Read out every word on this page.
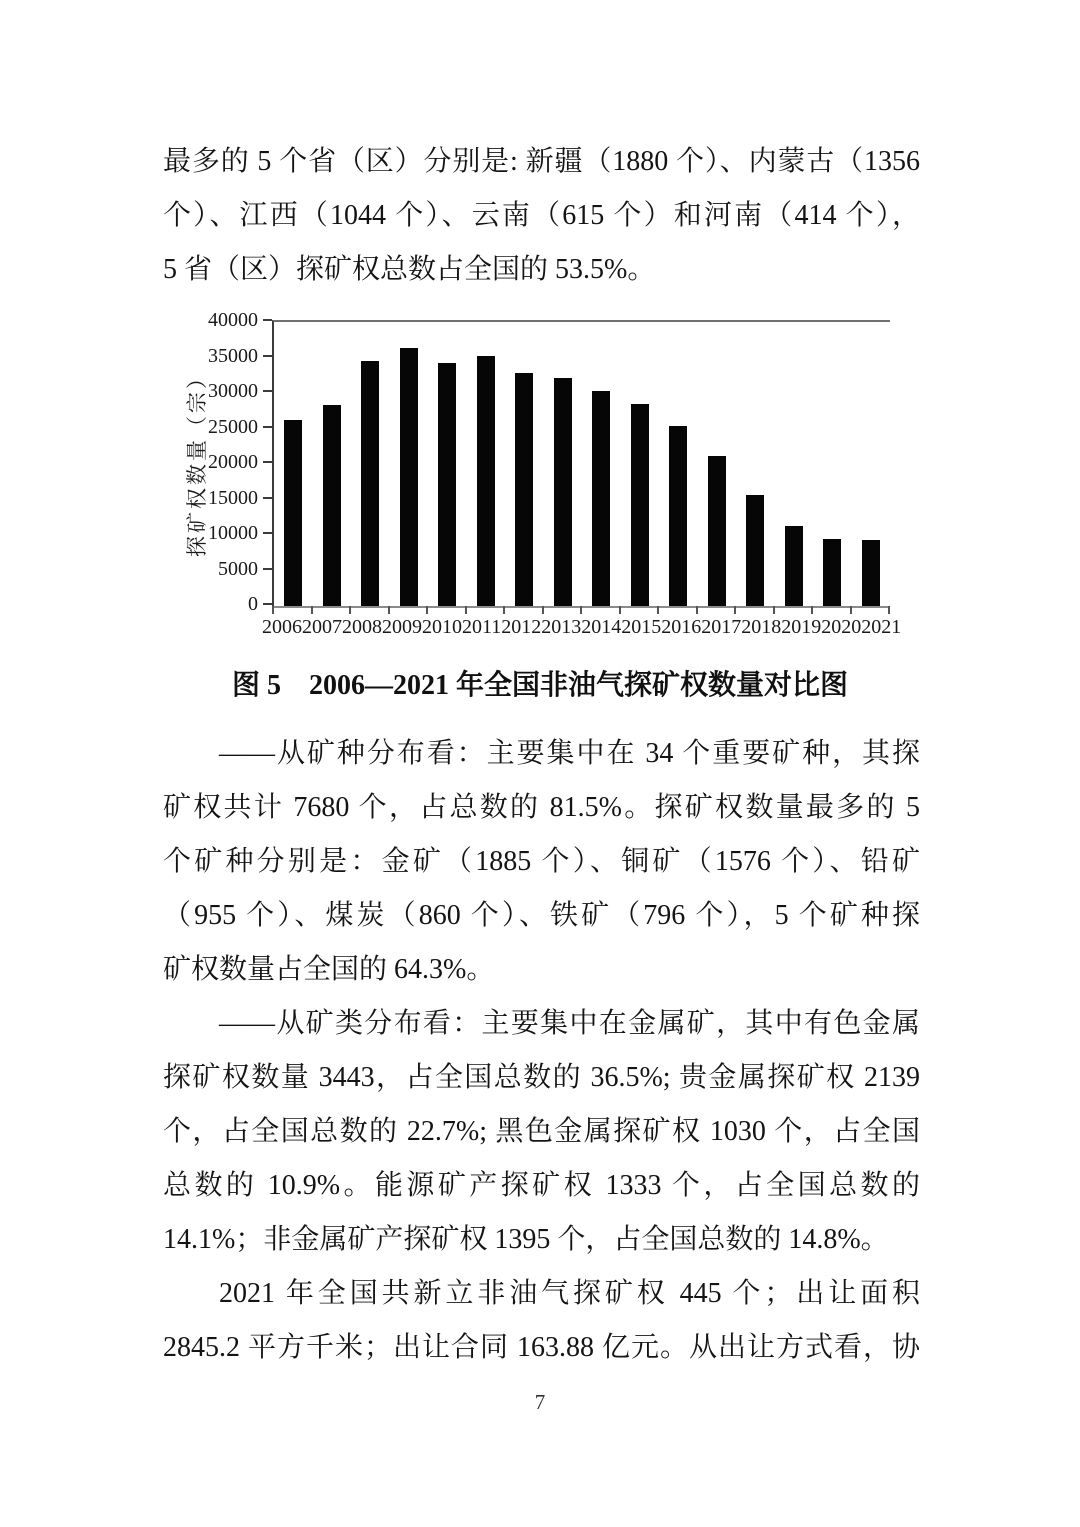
最多的 5 个省（区）分别是: 新疆（1880 个）、内蒙古（1356
个）、江西（1044 个）、云南（615 个）和河南（414 个），
5 省（区）探矿权总数占全国的 53.5%。
探矿权数量（宗）
0
5000
10000
15000
20000
25000
30000
35000
40000
2006 2007 2008 2009 2010 2011 2012 2013 2014 2015 2016 2017 2018 2019 2020 2021
图 5　2006—2021 年全国非油气探矿权数量对比图
——从矿种分布看：主要集中在 34 个重要矿种，其探
矿权共计 7680 个，占总数的 81.5%。探矿权数量最多的 5
个矿种分别是：金矿（1885 个）、铜矿（1576 个）、铅矿
（955 个）、煤炭（860 个）、铁矿（796 个），5 个矿种探
矿权数量占全国的 64.3%。
——从矿类分布看：主要集中在金属矿，其中有色金属
探矿权数量 3443，占全国总数的 36.5%; 贵金属探矿权 2139
个，占全国总数的 22.7%; 黑色金属探矿权 1030 个，占全国
总数的 10.9%。能源矿产探矿权 1333 个，占全国总数的
14.1%；非金属矿产探矿权 1395 个，占全国总数的 14.8%。
2021 年全国共新立非油气探矿权 445 个；出让面积
2845.2 平方千米；出让合同 163.88 亿元。从出让方式看，协
7
